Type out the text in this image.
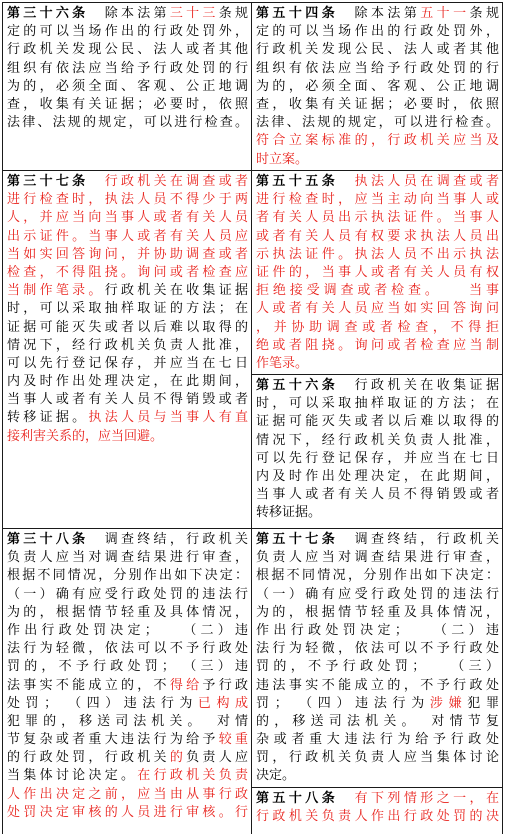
第三十六条　除本法第三十三条规
定的可以当场作出的行政处罚外，
行政机关发现公民、法人或者其他
组织有依法应当给予行政处罚的行
为的，必须全面、客观、公正地调
查，收集有关证据；必要时，依照
法律、法规的规定，可以进行检查。
第五十四条　除本法第五十一条规
定的可以当场作出的行政处罚外，
行政机关发现公民、法人或者其他
组织有依法应当给予行政处罚的行
为的，必须全面、客观、公正地调
查，收集有关证据；必要时，依照
法律、法规的规定，可以进行检查。
符合立案标准的，行政机关应当及
时立案。
第三十七条　 行政机关在调查或者
进行检查时，执法人员不得少于两
人，并应当向当事人或者有关人员
出示证件。当事人或者有关人员应
当如实回答询问，并协助调查或者
检查，不得阻挠。询问或者检查应
当制作笔录。行政机关在收集证据
时，可以采取抽样取证的方法；在
证据可能灭失或者以后难以取得的
情况下，经行政机关负责人批准，
可以先行登记保存，并应当在七日
内及时作出处理决定，在此期间，
当事人或者有关人员不得销毁或者
转移证据。执法人员与当事人有直
接利害关系的，应当回避。
第五十五条　 执法人员在调查或者
进行检查时，应当主动向当事人或
者有关人员出示执法证件。当事人
或者有关人员有权要求执法人员出
示执法证件。执法人员不出示执法
证件的，当事人或者有关人员有权
拒绝接受调查或者检查。　　当事
人或者有关人员应当如实回答询问
，并协助调查或者检查，不得拒
绝或者阻挠。询问或者检查应当制
作笔录。
第五十六条　行政机关在收集证据
时，可以采取抽样取证的方法；在
证据可能灭失或者以后难以取得的
情况下，经行政机关负责人批准，
可以先行登记保存，并应当在七日
内及时作出处理决定，在此期间，
当事人或者有关人员不得销毁或者
转移证据。
第三十八条　调查终结，行政机关
负责人应当对调查结果进行审查，
根据不同情况，分别作出如下决定：
（一）确有应受行政处罚的违法行
为的，根据情节轻重及具体情况，
作出行政处罚决定；　　（二）违
法行为轻微，依法可以不予行政处
罚的，不予行政处罚；　（三）违
法事实不能成立的，不得给予行政
处罚；　（四）违法行为已构成
犯罪的，移送司法机关。　对情
节复杂或者重大违法行为给予较重
的行政处罚，行政机关的负责人应
当集体讨论决定。在行政机关负责
人作出决定之前，应当由从事行政
处罚决定审核的人员进行审核。行
第五十七条　调查终结，行政机关
负责人应当对调查结果进行审查，
根据不同情况，分别作出如下决定：
（一）确有应受行政处罚的违法行
为的，根据情节轻重及具体情况，
作出行政处罚决定；　　（二）违
法行为轻微，依法可以不予行政处
罚的，不予行政处罚；　　（三）
违法事实不能成立的，不予行政处
罚；　（四）违法行为涉嫌犯罪
的，移送司法机关。　对情节复
杂或者重大违法行为给予行政处
罚，行政机关负责人应当集体讨论
决定。
第五十八条　 有下列情形之一，在
行政机关负责人作出行政处罚的决
